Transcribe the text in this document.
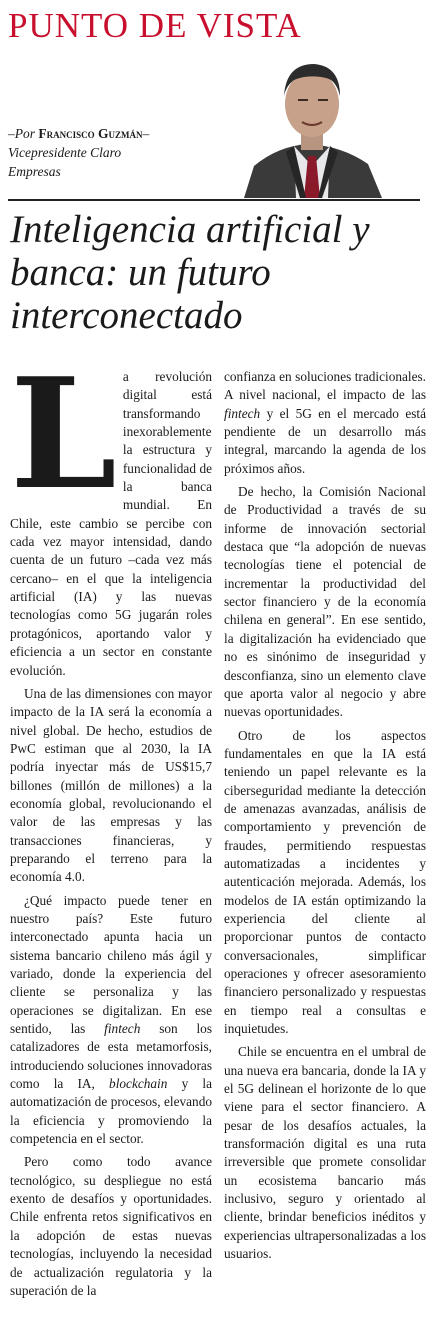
PUNTO DE VISTA
–Por Francisco Guzmán–
Vicepresidente Claro
Empresas
Inteligencia artificial y banca: un futuro interconectado

La revolución digital está transformando inexorablemente la estructura y funcionalidad de la banca mundial. En Chile, este cambio se percibe con cada vez mayor intensidad, dando cuenta de un futuro –cada vez más cercano– en el que la inteligencia artificial (IA) y las nuevas tecnologías como 5G jugarán roles protagónicos, aportando valor y eficiencia a un sector en constante evolución.

Una de las dimensiones con mayor impacto de la IA será la economía a nivel global. De hecho, estudios de PwC estiman que al 2030, la IA podría inyectar más de US$15,7 billones (millón de millones) a la economía global, revolucionando el valor de las empresas y las transacciones financieras, y preparando el terreno para la economía 4.0.

¿Qué impacto puede tener en nuestro país? Este futuro interconectado apunta hacia un sistema bancario chileno más ágil y variado, donde la experiencia del cliente se personaliza y las operaciones se digitalizan. En ese sentido, las fintech son los catalizadores de esta metamorfosis, introduciendo soluciones innovadoras como la IA, blockchain y la automatización de procesos, elevando la eficiencia y promoviendo la competencia en el sector.

Pero como todo avance tecnológico, su despliegue no está exento de desafíos y oportunidades. Chile enfrenta retos significativos en la adopción de estas nuevas tecnologías, incluyendo la necesidad de actualización regulatoria y la superación de la

confianza en soluciones tradicionales. A nivel nacional, el impacto de las fintech y el 5G en el mercado está pendiente de un desarrollo más integral, marcando la agenda de los próximos años.

De hecho, la Comisión Nacional de Productividad a través de su informe de innovación sectorial destaca que “la adopción de nuevas tecnologías tiene el potencial de incrementar la productividad del sector financiero y de la economía chilena en general”. En ese sentido, la digitalización ha evidenciado que no es sinónimo de inseguridad y desconfianza, sino un elemento clave que aporta valor al negocio y abre nuevas oportunidades.

Otro de los aspectos fundamentales en que la IA está teniendo un papel relevante es la ciberseguridad mediante la detección de amenazas avanzadas, análisis de comportamiento y prevención de fraudes, permitiendo respuestas automatizadas a incidentes y autenticación mejorada. Además, los modelos de IA están optimizando la experiencia del cliente al proporcionar puntos de contacto conversacionales, simplificar operaciones y ofrecer asesoramiento financiero personalizado y respuestas en tiempo real a consultas e inquietudes.

Chile se encuentra en el umbral de una nueva era bancaria, donde la IA y el 5G delinean el horizonte de lo que viene para el sector financiero. A pesar de los desafíos actuales, la transformación digital es una ruta irreversible que promete consolidar un ecosistema bancario más inclusivo, seguro y orientado al cliente, brindar beneficios inéditos y experiencias ultrapersonalizadas a los usuarios.
